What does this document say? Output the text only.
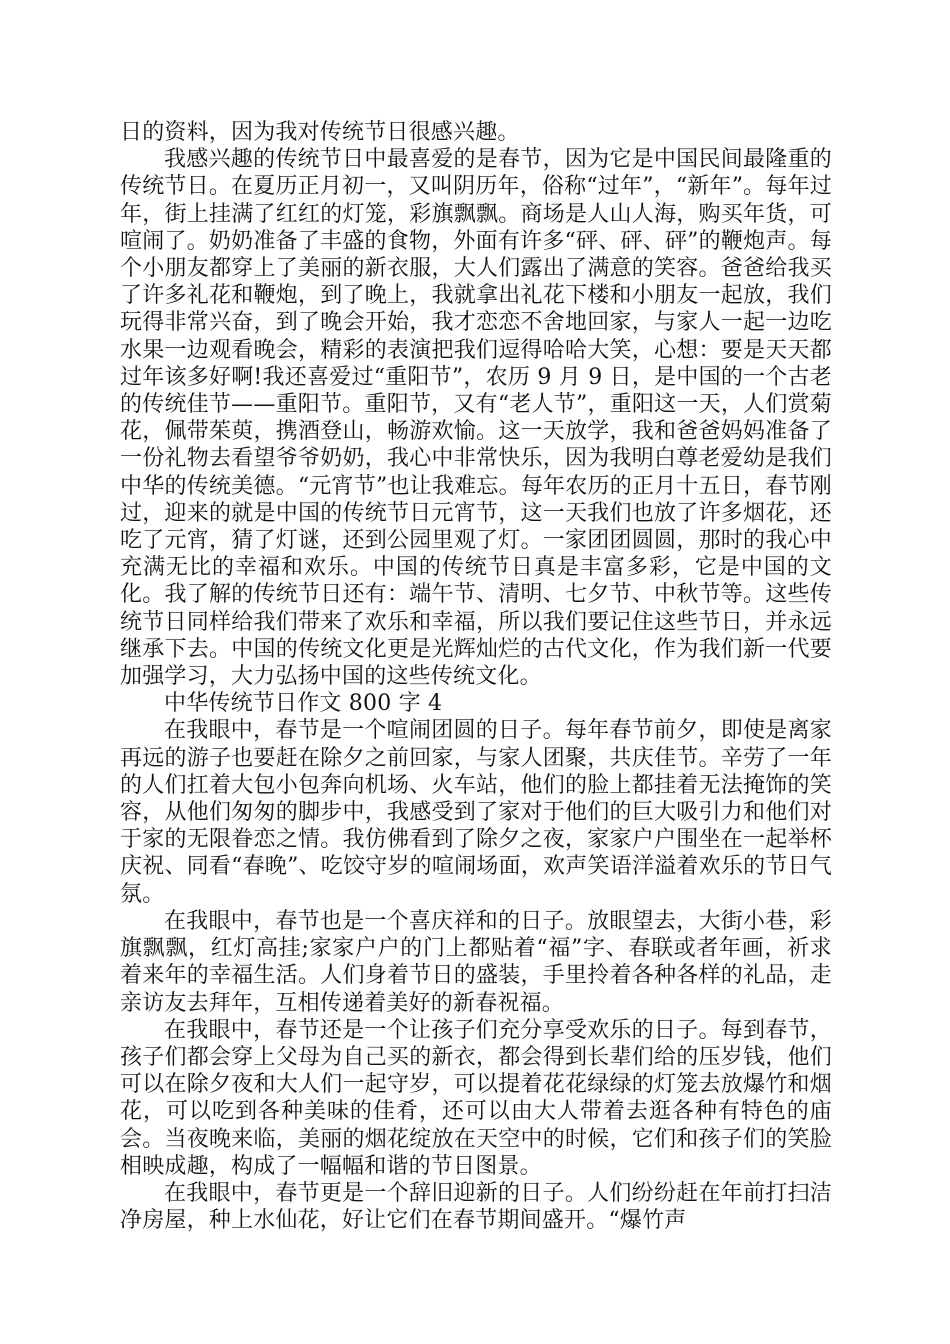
日的资料，因为我对传统节日很感兴趣。

我感兴趣的传统节日中最喜爱的是春节，因为它是中国民间最隆重的传统节日。在夏历正月初一，又叫阴历年，俗称“过年”，“新年”。每年过年，街上挂满了红红的灯笼，彩旗飘飘。商场是人山人海，购买年货，可喧闹了。奶奶准备了丰盛的食物，外面有许多“砰、砰、砰”的鞭炮声。每个小朋友都穿上了美丽的新衣服，大人们露出了满意的笑容。爸爸给我买了许多礼花和鞭炮，到了晚上，我就拿出礼花下楼和小朋友一起放，我们玩得非常兴奋，到了晚会开始，我才恋恋不舍地回家，与家人一起一边吃水果一边观看晚会，精彩的表演把我们逗得哈哈大笑，心想：要是天天都过年该多好啊!我还喜爱过“重阳节”，农历 9 月 9 日，是中国的一个古老的传统佳节——重阳节。重阳节，又有“老人节”，重阳这一天，人们赏菊花，佩带茱萸，携酒登山，畅游欢愉。这一天放学，我和爸爸妈妈准备了一份礼物去看望爷爷奶奶，我心中非常快乐，因为我明白尊老爱幼是我们中华的传统美德。“元宵节”也让我难忘。每年农历的正月十五日，春节刚过，迎来的就是中国的传统节日元宵节，这一天我们也放了许多烟花，还吃了元宵，猜了灯谜，还到公园里观了灯。一家团团圆圆，那时的我心中充满无比的幸福和欢乐。中国的传统节日真是丰富多彩，它是中国的文化。我了解的传统节日还有：端午节、清明、七夕节、中秋节等。这些传统节日同样给我们带来了欢乐和幸福，所以我们要记住这些节日，并永远继承下去。中国的传统文化更是光辉灿烂的古代文化，作为我们新一代要加强学习，大力弘扬中国的这些传统文化。

中华传统节日作文 800 字 4

在我眼中，春节是一个喧闹团圆的日子。每年春节前夕，即使是离家再远的游子也要赶在除夕之前回家，与家人团聚，共庆佳节。辛劳了一年的人们扛着大包小包奔向机场、火车站，他们的脸上都挂着无法掩饰的笑容，从他们匆匆的脚步中，我感受到了家对于他们的巨大吸引力和他们对于家的无限眷恋之情。我仿佛看到了除夕之夜，家家户户围坐在一起举杯庆祝、同看“春晚”、吃饺守岁的喧闹场面，欢声笑语洋溢着欢乐的节日气氛。

在我眼中，春节也是一个喜庆祥和的日子。放眼望去，大街小巷，彩旗飘飘，红灯高挂;家家户户的门上都贴着“福”字、春联或者年画，祈求着来年的幸福生活。人们身着节日的盛装，手里拎着各种各样的礼品，走亲访友去拜年，互相传递着美好的新春祝福。

在我眼中，春节还是一个让孩子们充分享受欢乐的日子。每到春节，孩子们都会穿上父母为自己买的新衣，都会得到长辈们给的压岁钱，他们可以在除夕夜和大人们一起守岁，可以提着花花绿绿的灯笼去放爆竹和烟花，可以吃到各种美味的佳肴，还可以由大人带着去逛各种有特色的庙会。当夜晚来临，美丽的烟花绽放在天空中的时候，它们和孩子们的笑脸相映成趣，构成了一幅幅和谐的节日图景。

在我眼中，春节更是一个辞旧迎新的日子。人们纷纷赶在年前打扫洁净房屋，种上水仙花，好让它们在春节期间盛开。“爆竹声
